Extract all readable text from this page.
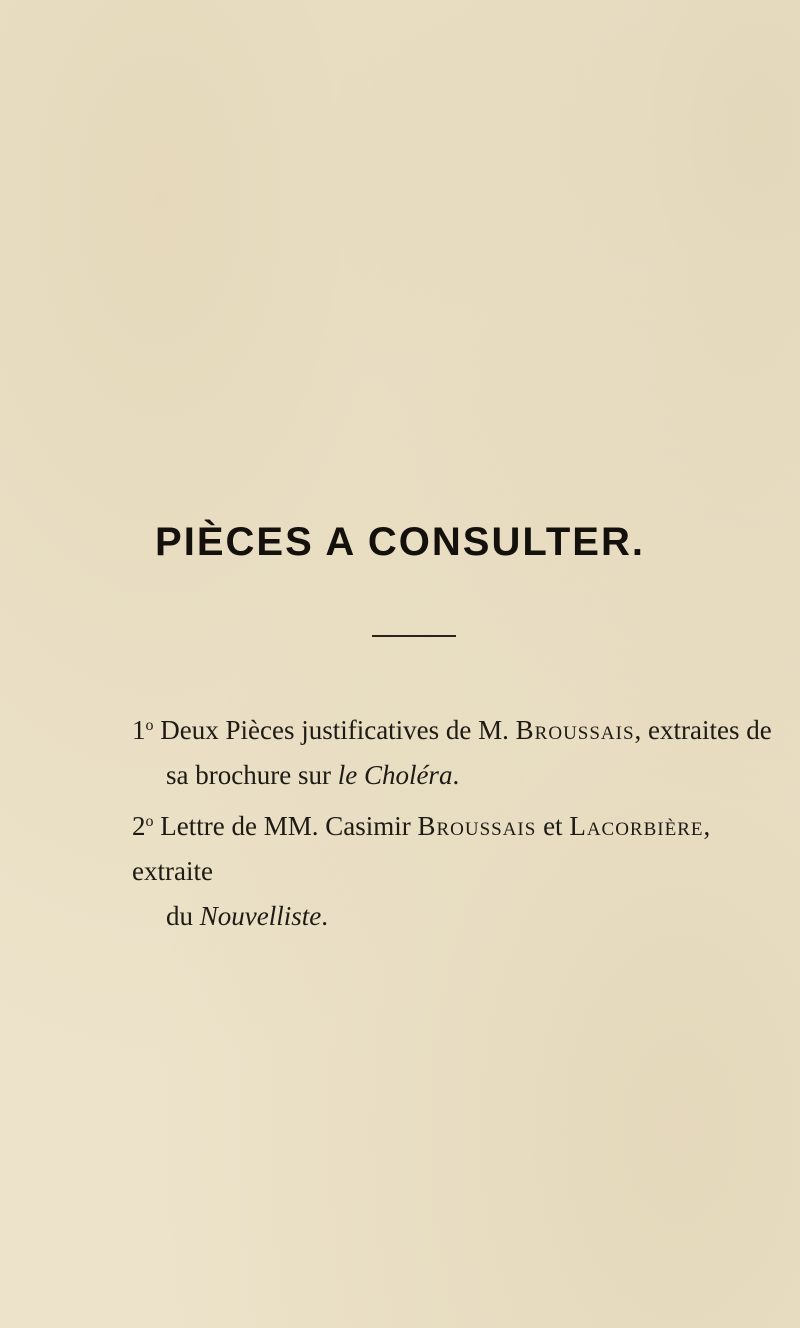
PIÈCES A CONSULTER.
1$^o$ Deux Pièces justificatives de M. Broussais, extraites de
sa brochure sur le Choléra.
2$^o$ Lettre de MM. Casimir Broussais et Lacorbière, extraite
du Nouvelliste.
